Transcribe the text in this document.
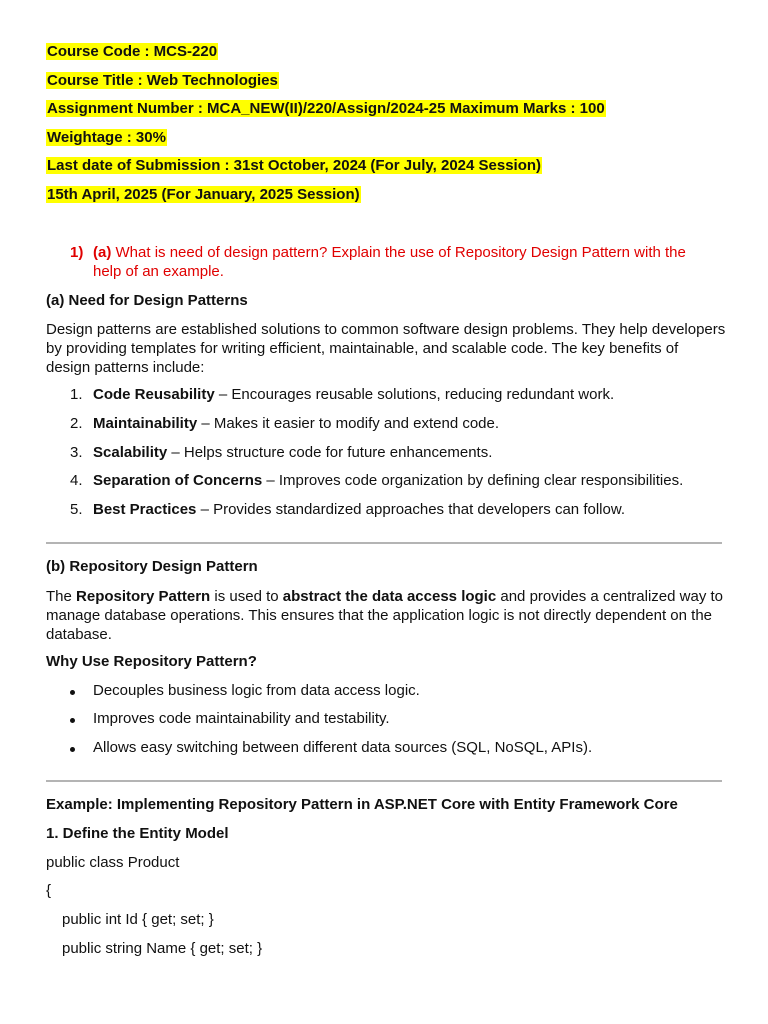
Course Code : MCS-220
Course Title : Web Technologies
Assignment Number : MCA_NEW(II)/220/Assign/2024-25 Maximum Marks : 100
Weightage : 30%
Last date of Submission : 31st October, 2024 (For July, 2024 Session)
15th April, 2025 (For January, 2025 Session)
1) (a) What is need of design pattern? Explain the use of Repository Design Pattern with the
help of an example.
(a) Need for Design Patterns
Design patterns are established solutions to common software design problems. They help developers by providing templates for writing efficient, maintainable, and scalable code. The key benefits of design patterns include:
1. Code Reusability – Encourages reusable solutions, reducing redundant work.
2. Maintainability – Makes it easier to modify and extend code.
3. Scalability – Helps structure code for future enhancements.
4. Separation of Concerns – Improves code organization by defining clear responsibilities.
5. Best Practices – Provides standardized approaches that developers can follow.
(b) Repository Design Pattern
The Repository Pattern is used to abstract the data access logic and provides a centralized way to manage database operations. This ensures that the application logic is not directly dependent on the database.
Why Use Repository Pattern?
Decouples business logic from data access logic.
Improves code maintainability and testability.
Allows easy switching between different data sources (SQL, NoSQL, APIs).
Example: Implementing Repository Pattern in ASP.NET Core with Entity Framework Core
1. Define the Entity Model
public class Product
{
public int Id { get; set; }
public string Name { get; set; }
